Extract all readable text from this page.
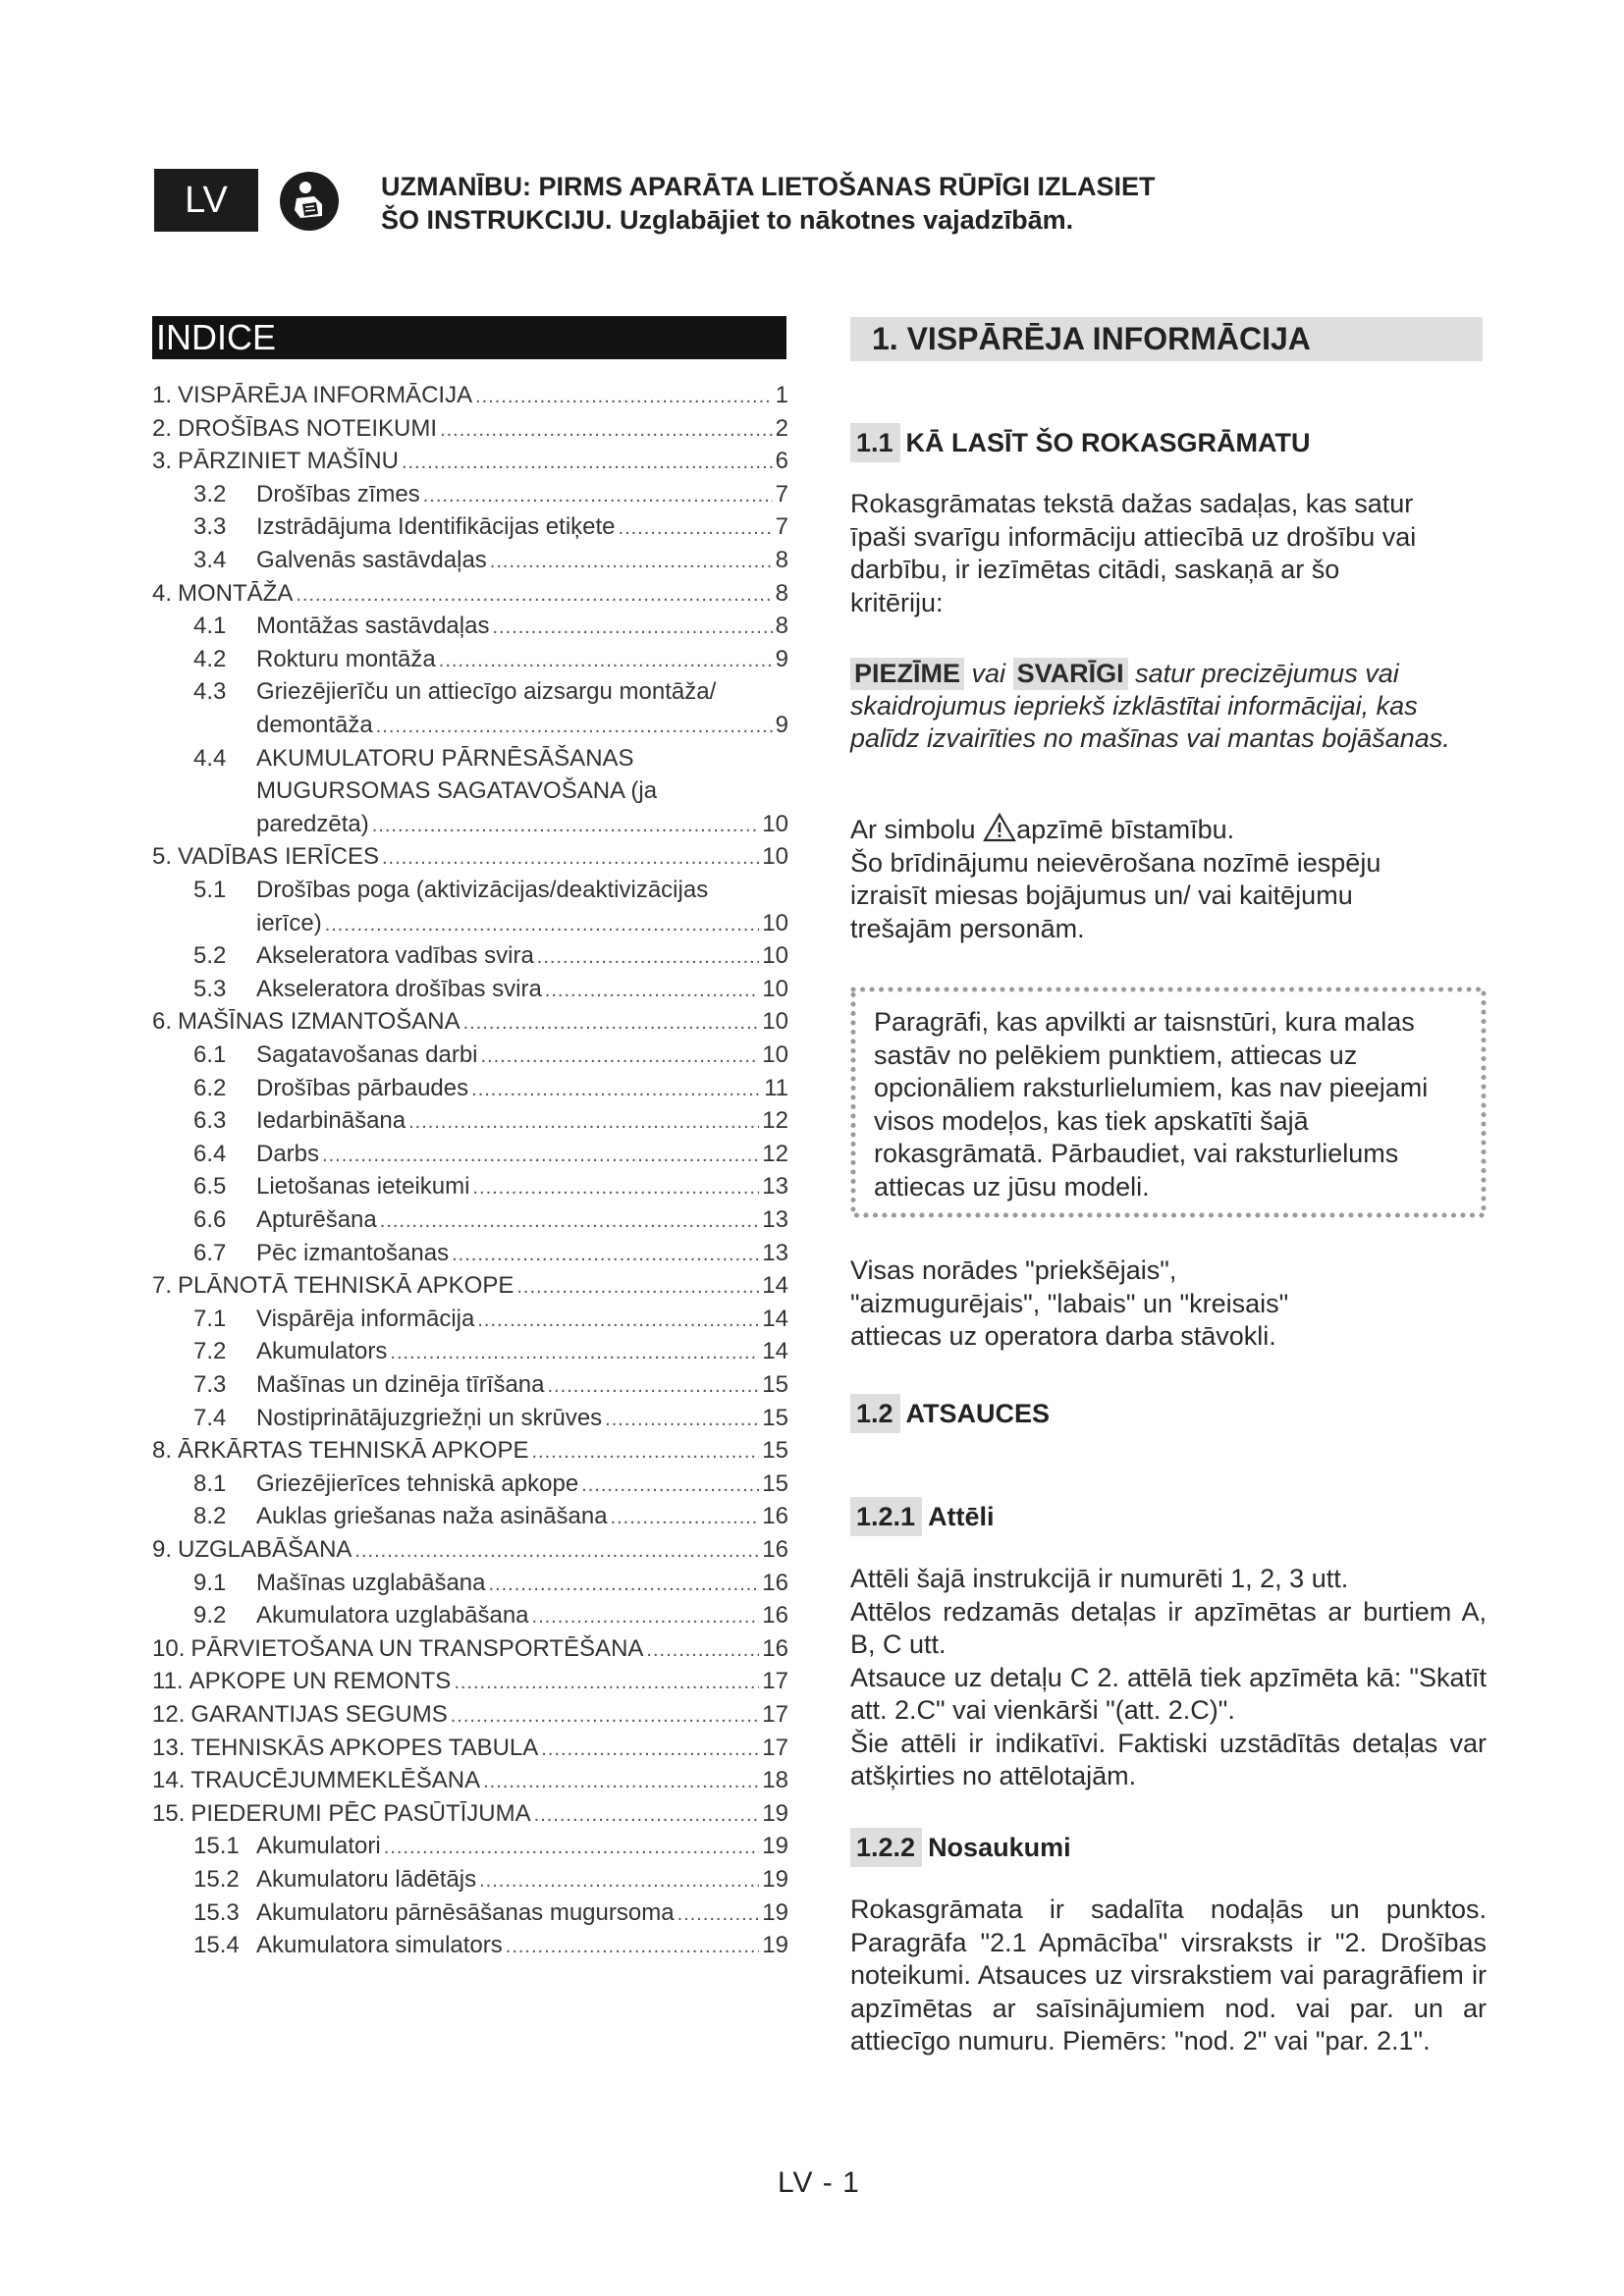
LV	UZMANĪBU: PIRMS APARĀTA LIETOŠANAS RŪPĪGI IZLASIET
ŠO INSTRUKCIJU. Uzglabājiet to nākotnes vajadzībām.
INDICE
1. VISPĀRĒJA INFORMĀCIJA .....	1
2. DROŠĪBAS NOTEIKUMI .....	2
3. PĀRZINIET MAŠĪNU .....	6
3.2	Drošības zīmes .....	7
3.3	Izstrādājuma Identifikācijas etiķete .....	7
3.4	Galvenās sastāvdaļas .....	8
4. MONTĀŽA .....	8
4.1	Montāžas sastāvdaļas .....	8
4.2	Rokturu montāža .....	9
4.3	Griezējierīču un attiecīgo aizsargu montāža/
demontāža .....	9
4.4	AKUMULATORU PĀRNĒSĀŠANAS
MUGURSOMAS SAGATAVOŠANA (ja
paredzēta) .....	10
5. VADĪBAS IERĪCES .....	10
5.1	Drošības poga (aktivizācijas/deaktivizācijas
ierīce) .....	10
5.2	Akseleratora vadības svira .....	10
5.3	Akseleratora drošības svira .....	10
6. MAŠĪNAS IZMANTOŠANA .....	10
6.1	Sagatavošanas darbi .....	10
6.2	Drošības pārbaudes .....	11
6.3	Iedarbināšana .....	12
6.4	Darbs .....	12
6.5	Lietošanas ieteikumi .....	13
6.6	Apturēšana .....	13
6.7	Pēc izmantošanas .....	13
7. PLĀNOTĀ TEHNISKĀ APKOPE .....	14
7.1	Vispārēja informācija .....	14
7.2	Akumulators .....	14
7.3	Mašīnas un dzinēja tīrīšana .....	15
7.4	Nostiprinātājuzgriežņi un skrūves .....	15
8. ĀRKĀRTAS TEHNISKĀ APKOPE .....	15
8.1	Griezējierīces tehniskā apkope .....	15
8.2	Auklas griešanas naža asināšana .....	16
9. UZGLABĀŠANA .....	16
9.1	Mašīnas uzglabāšana .....	16
9.2	Akumulatora uzglabāšana .....	16
10. PĀRVIETOŠANA UN TRANSPORTĒŠANA .....	16
11. APKOPE UN REMONTS .....	17
12. GARANTIJAS SEGUMS .....	17
13. TEHNISKĀS APKOPES TABULA .....	17
14. TRAUCĒJUMMEKLĒŠANA .....	18
15. PIEDERUMI PĒC PASŪTĪJUMA .....	19
15.1 Akumulatori .....	19
15.2 Akumulatoru lādētājs .....	19
15.3 Akumulatoru pārnēsāšanas mugursoma .....	19
15.4 Akumulatora simulators .....	19
1. VISPĀRĒJA INFORMĀCIJA
1.1 KĀ LASĪT ŠO ROKASGRĀMATU

Rokasgrāmatas tekstā dažas sadaļas, kas satur īpaši svarīgu informāciju attiecībā uz drošību vai darbību, ir iezīmētas citādi, saskaņā ar šo kritēriju:

PIEZĪME vai SVARĪGI satur precizējumus vai skaidrojumus iepriekš izklāstītai informācijai, kas palīdz izvairīties no mašīnas vai mantas bojāšanas.

Ar simbolu apzīmē bīstamību.

Šo brīdinājumu neievērošana nozīmē iespēju izraisīt miesas bojājumus un/ vai kaitējumu trešajām personām.

Paragrāfi, kas apvilkti ar taisnstūri, kura malas sastāv no pelēkiem punktiem, attiecas uz opcionāliem raksturlielumiem, kas nav pieejami visos modeļos, kas tiek apskatīti šajā rokasgrāmatā. Pārbaudiet, vai raksturlielums attiecas uz jūsu modeli.

Visas norādes "priekšējais", "aizmugurējais", "labais" un "kreisais" attiecas uz operatora darba stāvokli.

1.2 ATSAUCES
1.2.1 Attēli

Attēli šajā instrukcijā ir numurēti 1, 2, 3 utt.

Attēlos redzamās detaļas ir apzīmētas ar burtiem A, B, C utt.

Atsauce uz detaļu C 2. attēlā tiek apzīmēta kā: "Skatīt att. 2.C" vai vienkārši "(att. 2.C)".

Šie attēli ir indikatīvi. Faktiski uzstādītās detaļas var atšķirties no attēlotajām.

1.2.2 Nosaukumi

Rokasgrāmata ir sadalīta nodaļās un punktos. Paragrāfa "2.1 Apmācība" virsraksts ir "2. Drošības noteikumi. Atsauces uz virsrakstiem vai paragrāfiem ir apzīmētas ar saīsinājumiem nod. vai par. un ar attiecīgo numuru. Piemērs: "nod. 2" vai "par. 2.1".

LV - 1
